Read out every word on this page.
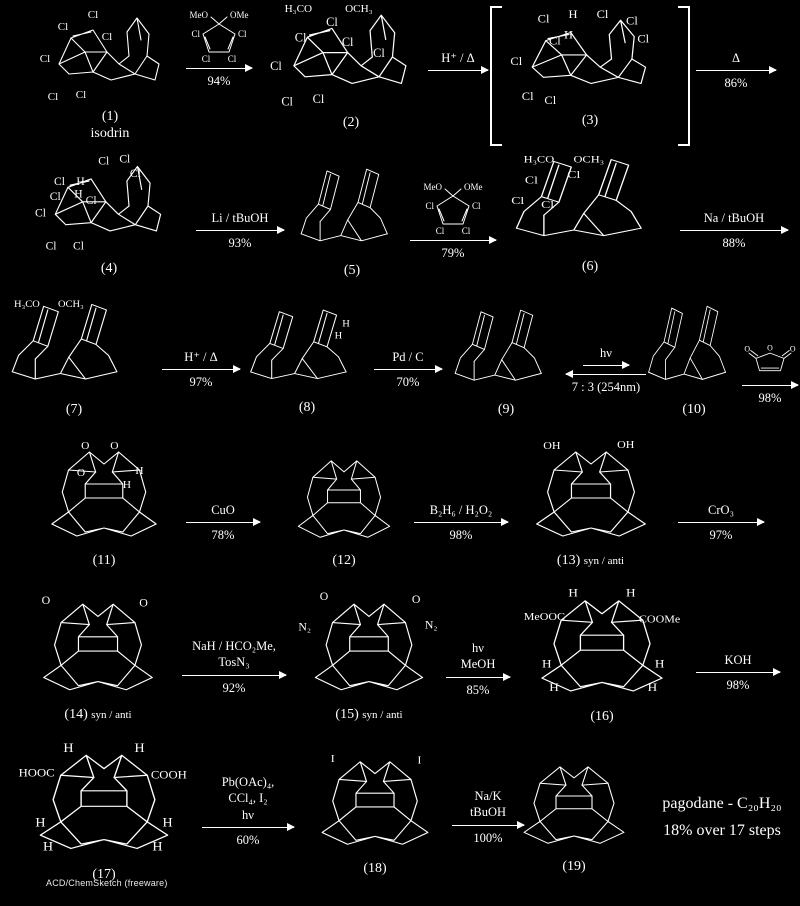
Cl
Cl
Cl
Cl
Cl Cl
(1)
isodrin
MeO OMe
Cl	Cl
Cl Cl
94%
H₃CO	OCH₃
Cl
Cl	Cl
Cl
Cl
Cl Cl
(2)
H⁺ / Δ
Cl H Cl Cl
Cl
H
Cl
Cl
Cl Cl
(3)
Δ
86%
Cl Cl
Cl
Cl H
H
Cl Cl
Cl
Cl Cl
(4)
Li / tBuOH
93%
(5)
MeO OMe
Cl	Cl
Cl Cl
79%
H₃CO OCH₃
Cl
Cl
Cl Cl
(6)
Na / tBuOH
88%
H₃CO OCH₃
(7)
H⁺ / Δ
97%
H
H
(8)
Pd / C
70%
(9)
hν
7 : 3 (254nm)
(10)
O O O
98%
O O
O	H
H
(11)
CuO
78%
(12)
B₂H₆ / H₂O₂
98%
OH	OH
(13) syn / anti
CrO₃
97%
O	O
(14) syn / anti
NaH / HCO₂Me,
TosN₃
92%
O	O
N₂	N₂
(15) syn / anti
hν
MeOH
85%
MeOOC	COOMe
H	H
H	H
H	H
(16)
KOH
98%
HOOC	COOH
H	H
H	H
H	H
(17)
Pb(OAc)₄,
CCl₄, I₂
hν
60%
I	I
(18)
Na/K
tBuOH
100%
(19)
pagodane - C₂₀H₂₀
18% over 17 steps
ACD/ChemSketch (freeware)
